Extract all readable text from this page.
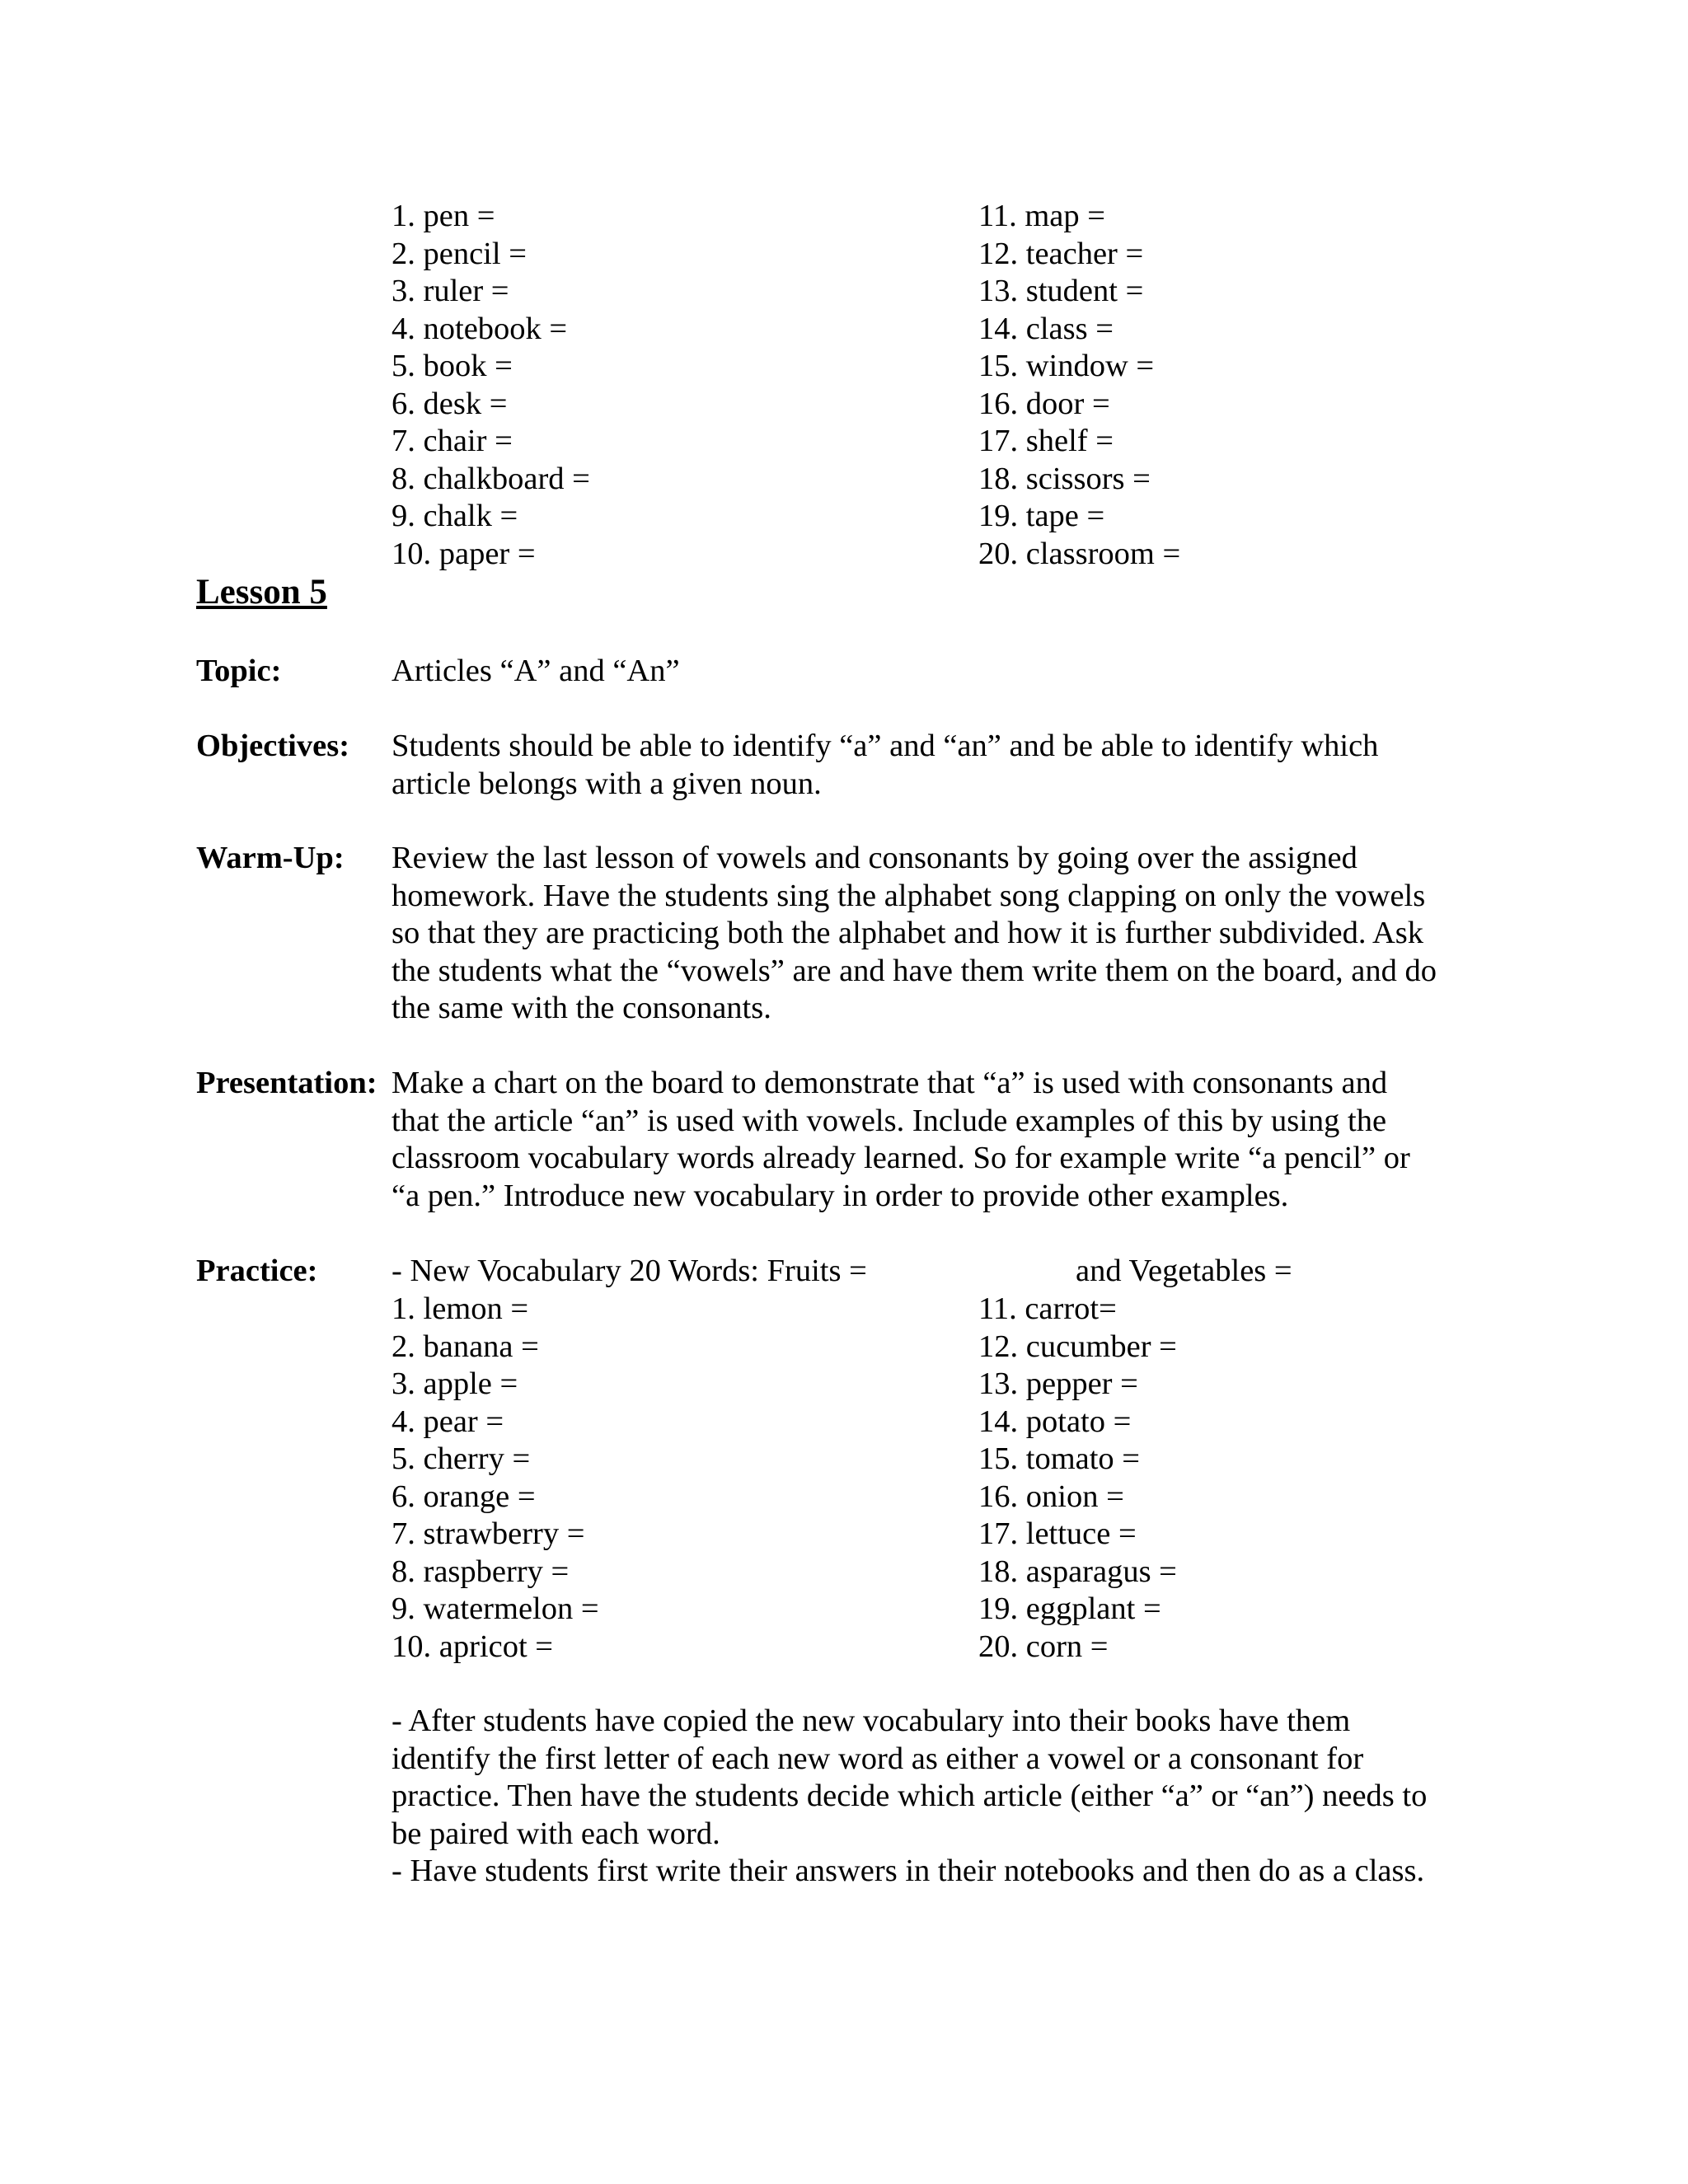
1. pen =
2. pencil =
3. ruler =
4. notebook =
5. book =
6. desk =
7. chair =
8. chalkboard =
9. chalk =
10. paper =
11. map =
12. teacher =
13. student =
14. class =
15. window =
16. door =
17. shelf =
18. scissors =
19. tape =
20. classroom =
Lesson 5
Topic:	Articles “A” and “An”
Objectives: Students should be able to identify “a” and “an” and be able to identify which
article belongs with a given noun.
Warm-Up: Review the last lesson of vowels and consonants by going over the assigned
homework. Have the students sing the alphabet song clapping on only the vowels
so that they are practicing both the alphabet and how it is further subdivided. Ask
the students what the “vowels” are and have them write them on the board, and do
the same with the consonants.
Presentation: Make a chart on the board to demonstrate that “a” is used with consonants and
that the article “an” is used with vowels. Include examples of this by using the
classroom vocabulary words already learned. So for example write “a pencil” or
“a pen.” Introduce new vocabulary in order to provide other examples.
Practice: - New Vocabulary 20 Words: Fruits =	and Vegetables =
1. lemon =
2. banana =
3. apple =
4. pear =
5. cherry =
6. orange =
7. strawberry =
8. raspberry =
9. watermelon =
10. apricot =
11. carrot=
12. cucumber =
13. pepper =
14. potato =
15. tomato =
16. onion =
17. lettuce =
18. asparagus =
19. eggplant =
20. corn =
- After students have copied the new vocabulary into their books have them
identify the first letter of each new word as either a vowel or a consonant for
practice. Then have the students decide which article (either “a” or “an”) needs to
be paired with each word.
- Have students first write their answers in their notebooks and then do as a class.
